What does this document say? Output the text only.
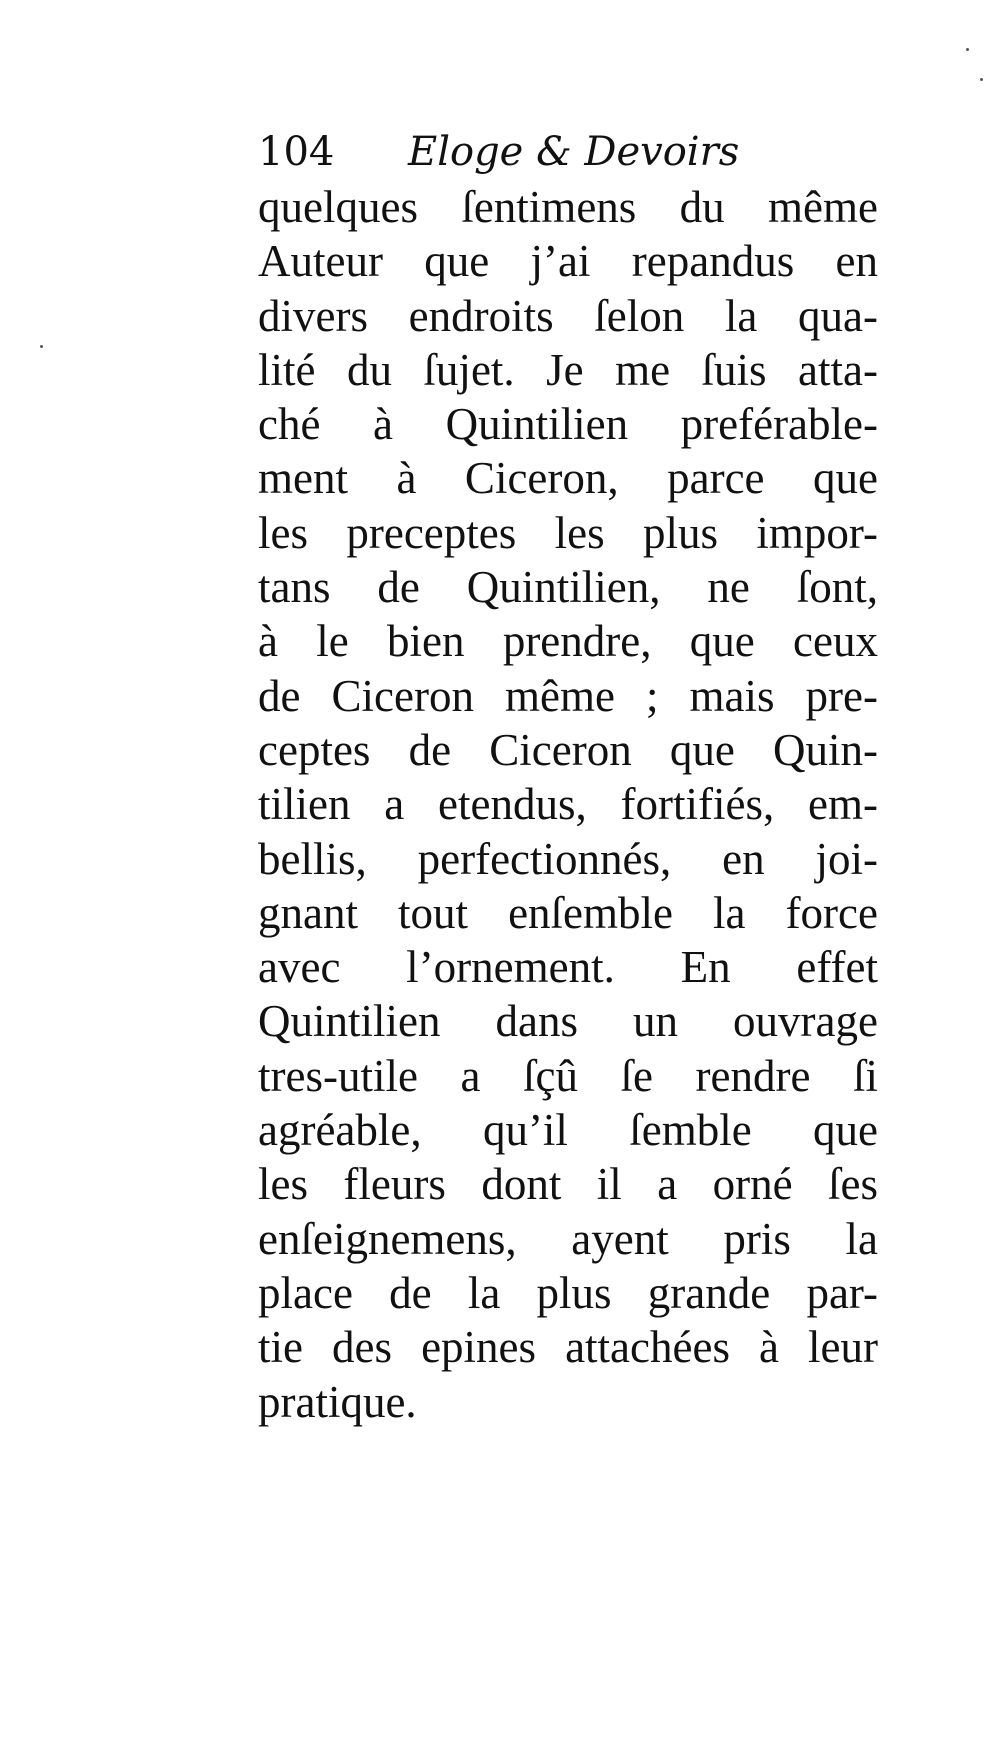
104 Eloge & Devoirs
quelques ſentimens du même
Auteur que j’ai repandus en
divers endroits ſelon la qua-
lité du ſujet. Je me ſuis atta-
ché à Quintilien preférable-
ment à Ciceron, parce que
les preceptes les plus impor-
tans de Quintilien, ne ſont,
à le bien prendre, que ceux
de Ciceron même ; mais pre-
ceptes de Ciceron que Quin-
tilien a etendus, fortifiés, em-
bellis, perfectionnés, en joi-
gnant tout enſemble la force
avec l’ornement. En effet
Quintilien dans un ouvrage
tres-utile a ſçû ſe rendre ſi
agréable, qu’il ſemble que
les fleurs dont il a orné ſes
enſeignemens, ayent pris la
place de la plus grande par-
tie des epines attachées à leur
pratique.
